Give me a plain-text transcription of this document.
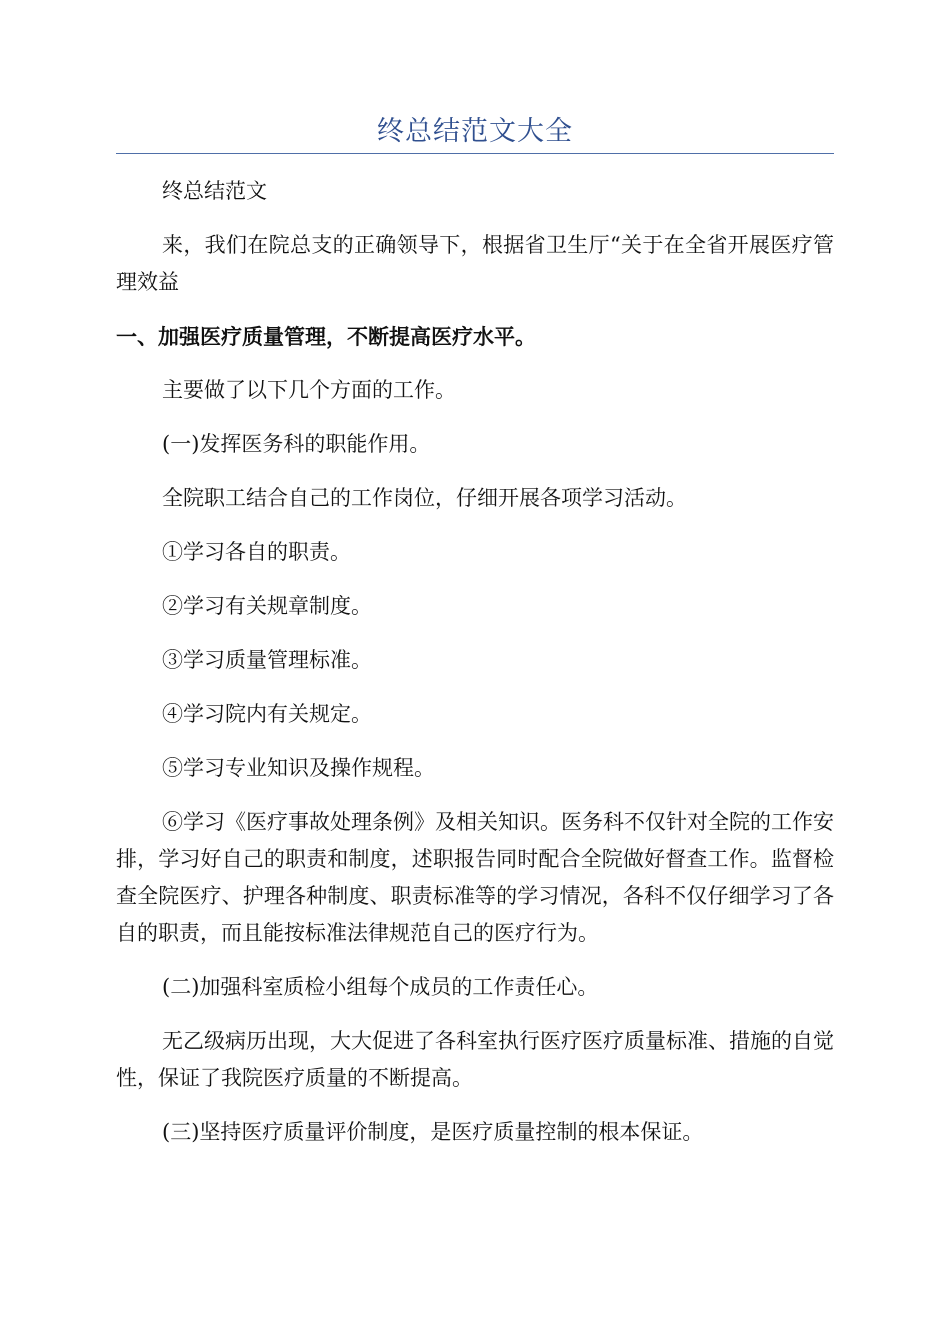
终总结范文大全

终总结范文

来，我们在院总支的正确领导下，根据省卫生厅“关于在全省开展医疗管理效益

一、加强医疗质量管理，不断提高医疗水平。

主要做了以下几个方面的工作。

(一)发挥医务科的职能作用。

全院职工结合自己的工作岗位，仔细开展各项学习活动。

①学习各自的职责。

②学习有关规章制度。

③学习质量管理标准。

④学习院内有关规定。

⑤学习专业知识及操作规程。

⑥学习《医疗事故处理条例》及相关知识。医务科不仅针对全院的工作安排，学习好自己的职责和制度，述职报告同时配合全院做好督查工作。监督检查全院医疗、护理各种制度、职责标准等的学习情况，各科不仅仔细学习了各自的职责，而且能按标准法律规范自己的医疗行为。

(二)加强科室质检小组每个成员的工作责任心。

无乙级病历出现，大大促进了各科室执行医疗医疗质量标准、措施的自觉性，保证了我院医疗质量的不断提高。

(三)坚持医疗质量评价制度，是医疗质量控制的根本保证。
